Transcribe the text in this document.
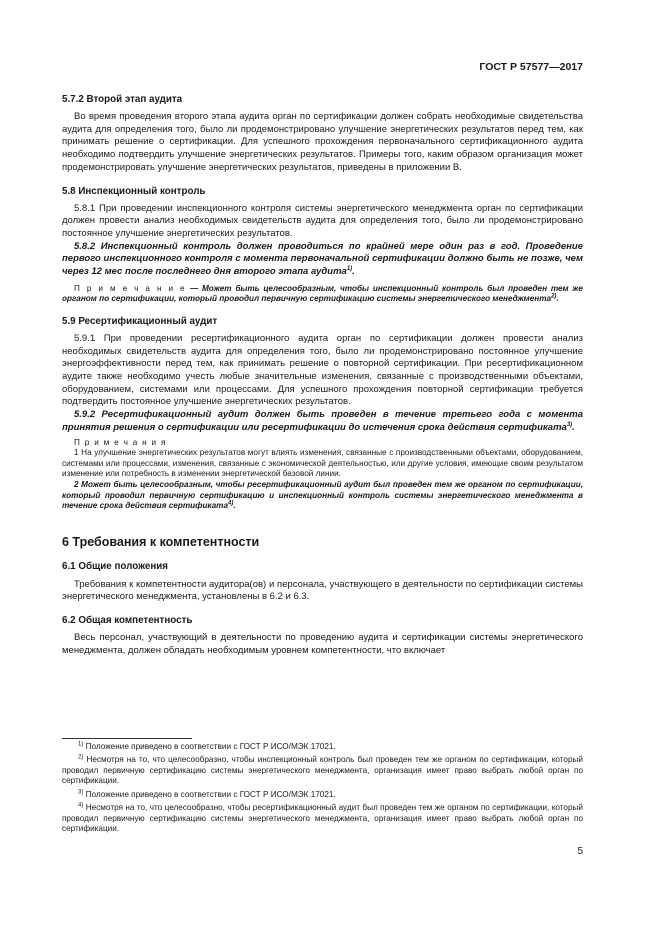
ГОСТ Р 57577—2017

5.7.2 Второй этап аудита

Во время проведения второго этапа аудита орган по сертификации должен собрать необходимые свидетельства аудита для определения того, было ли продемонстрировано улучшение энергетических результатов перед тем, как принимать решение о сертификации. Для успешного прохождения первоначального сертификационного аудита необходимо подтвердить улучшение энергетических результатов. Примеры того, каким образом организация может продемонстрировать улучшение энергетических результатов, приведены в приложении В.

5.8 Инспекционный контроль

5.8.1 При проведении инспекционного контроля системы энергетического менеджмента орган по сертификации должен провести анализ необходимых свидетельств аудита для определения того, было ли продемонстрировано постоянное улучшение энергетических результатов.

5.8.2 Инспекционный контроль должен проводиться по крайней мере один раз в год. Проведение первого инспекционного контроля с момента первоначальной сертификации должно быть не позже, чем через 12 мес после последнего дня второго этапа аудита$^{1)}$.

П р и м е ч а н и е — Может быть целесообразным, чтобы инспекционный контроль был проведен тем же органом по сертификации, который проводил первичную сертификацию системы энергетического менеджмента$^{2)}$.

5.9 Ресертификационный аудит

5.9.1 При проведении ресертификационного аудита орган по сертификации должен провести анализ необходимых свидетельств аудита для определения того, было ли продемонстрировано постоянное улучшение энергоэффективности перед тем, как принимать решение о повторной сертификации. При ресертификационном аудите также необходимо учесть любые значительные изменения, связанные с производственными объектами, оборудованием, системами или процессами. Для успешного прохождения повторной сертификации требуется подтвердить постоянное улучшение энергетических результатов.

5.9.2 Ресертификационный аудит должен быть проведен в течение третьего года с момента принятия решения о сертификации или ресертификации до истечения срока действия сертификата$^{3)}$.

П р и м е ч а н и я

1 На улучшение энергетических результатов могут влиять изменения, связанные с производственными объектами, оборудованием, системами или процессами, изменения, связанные с экономической деятельностью, или другие условия, имеющие своим результатом изменение или потребность в изменении энергетической базовой линии.

2 Может быть целесообразным, чтобы ресертификационный аудит был проведен тем же органом по сертификации, который проводил первичную сертификацию и инспекционный контроль системы энергетического менеджмента в течение срока действия сертификата$^{4)}$.

6 Требования к компетентности

6.1 Общие положения

Требования к компетентности аудитора(ов) и персонала, участвующего в деятельности по сертификации системы энергетического менеджмента, установлены в 6.2 и 6.3.

6.2 Общая компетентность

Весь персонал, участвующий в деятельности по проведению аудита и сертификации системы энергетического менеджмента, должен обладать необходимым уровнем компетентности, что включает

$^{1)}$ Положение приведено в соответствии с ГОСТ Р ИСО/МЭК 17021.
$^{2)}$ Несмотря на то, что целесообразно, чтобы инспекционный контроль был проведен тем же органом по сертификации, который проводил первичную сертификацию системы энергетического менеджмента, организация имеет право выбрать любой орган по сертификации.
$^{3)}$ Положение приведено в соответствии с ГОСТ Р ИСО/МЭК 17021.
$^{4)}$ Несмотря на то, что целесообразно, чтобы ресертификационный аудит был проведен тем же органом по сертификации, который проводил первичную сертификацию системы энергетического менеджмента, организация имеет право выбрать любой орган по сертификации.
5
